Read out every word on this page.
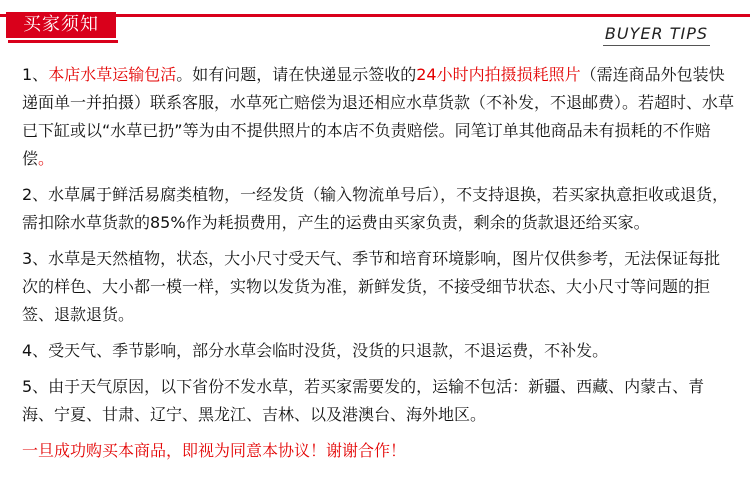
买家须知	BUYER TIPS

1、本店水草运输包活。如有问题，请在快递显示签收的24小时内拍摄损耗照片（需连商品外包装快递面单一并拍摄）联系客服，水草死亡赔偿为退还相应水草货款（不补发，不退邮费）。若超时、水草已下缸或以“水草已扔”等为由不提供照片的本店不负责赔偿。同笔订单其他商品未有损耗的不作赔偿。

2、水草属于鲜活易腐类植物，一经发货（输入物流单号后），不支持退换，若买家执意拒收或退货，需扣除水草货款的85%作为耗损费用，产生的运费由买家负责，剩余的货款退还给买家。

3、水草是天然植物，状态，大小尺寸受天气、季节和培育环境影响，图片仅供参考，无法保证每批次的样色、大小都一模一样，实物以发货为准，新鲜发货，不接受细节状态、大小尺寸等问题的拒签、退款退货。

4、受天气、季节影响，部分水草会临时没货，没货的只退款，不退运费，不补发。

5、由于天气原因，以下省份不发水草，若买家需要发的，运输不包活：新疆、西藏、内蒙古、青海、宁夏、甘肃、辽宁、黑龙江、吉林、以及港澳台、海外地区。

一旦成功购买本商品，即视为同意本协议！谢谢合作！
